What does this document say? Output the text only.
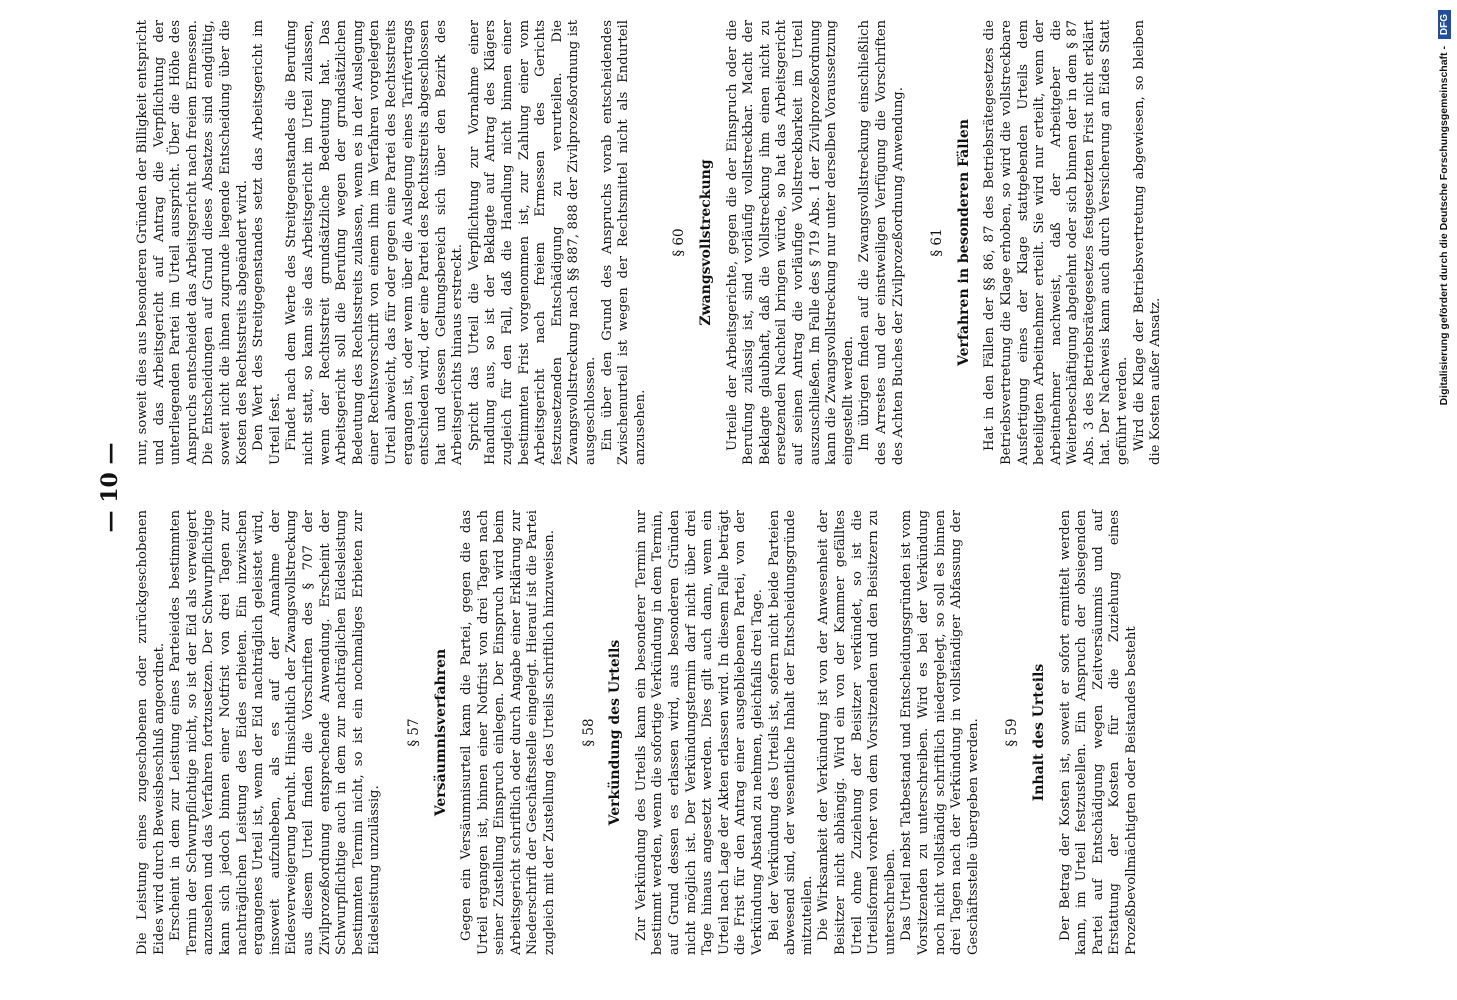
— 10 —

Die Leistung eines zugeschobenen oder zurückgeschobenen Eides wird durch Beweisbeschluß angeordnet. Erscheint in dem zur Leistung eines Parteieides bestimmten Termin der Schwurpflichtige nicht, so ist der Eid als verweigert anzusehen und das Verfahren fortzusetzen. Der Schwurpflichtige kann sich jedoch binnen einer Notfrist von drei Tagen zur nachträglichen Leistung des Eides erbieten. Ein inzwischen ergangenes Urteil ist, wenn der Eid nachträglich geleistet wird, insoweit aufzuheben, als es auf der Annahme der Eidesverweigerung beruht. Hinsichtlich der Zwangsvollstreckung aus diesem Urteil finden die Vorschriften des § 707 der Zivilprozeßordnung entsprechende Anwendung. Erscheint der Schwurpflichtige auch in dem zur nachträglichen Eidesleistung bestimmten Termin nicht, so ist ein nochmaliges Erbieten zur Eidesleistung unzulässig.

§ 57 Versäumnisverfahren Gegen ein Versäumnisurteil kann die Partei, gegen die das Urteil ergangen ist, binnen einer Notfrist von drei Tagen nach seiner Zustellung Einspruch einlegen. Der Einspruch wird beim Arbeitsgericht schriftlich oder durch Angabe einer Erklärung zur Niederschrift der Geschäftsstelle eingelegt. Hierauf ist die Partei zugleich mit der Zustellung des Urteils schriftlich hinzuweisen. § 58 Verkündung des Urteils Zur Verkündung des Urteils kann ein besonderer Termin nur bestimmt werden, wenn die sofortige Verkündung in dem Termin, auf Grund dessen es erlassen wird, aus besonderen Gründen nicht möglich ist. Der Verkündungstermin darf nicht über drei Tage hinaus angesetzt werden. Dies gilt auch dann, wenn ein Urteil nach Lage der Akten erlassen wird. In diesem Falle beträgt die Frist für den Antrag einer ausgebliebenen Partei, von der Verkündung Abstand zu nehmen, gleichfalls drei Tage. Bei der Verkündung des Urteils ist, sofern nicht beide Parteien abwesend sind, der wesentliche Inhalt der Entscheidungsgründe mitzuteilen. Die Wirksamkeit der Verkündung ist von der Anwesenheit der Beisitzer nicht abhängig. Wird ein von der Kammer gefälltes Urteil ohne Zuziehung der Beisitzer verkündet, so ist die Urteilsformel vorher von dem Vorsitzenden und den Beisitzern zu unterschreiben. Das Urteil nebst Tatbestand und Entscheidungsgründen ist vom Vorsitzenden zu unterschreiben. Wird es bei der Verkündung noch nicht vollständig schriftlich niedergelegt, so soll es binnen drei Tagen nach der Verkündung in vollständiger Abfassung der Geschäftsstelle übergeben werden. § 59 Inhalt des Urteils Der Betrag der Kosten ist, soweit er sofort ermittelt werden kann, im Urteil festzustellen. Ein Anspruch der obsiegenden Partei auf Entschädigung wegen Zeitversäumnis und auf Erstattung der Kosten für die Zuziehung eines Prozeßbevollmächtigten oder Beistandes besteht

nur, soweit dies aus besonderen Gründen der Billigkeit entspricht und das Arbeitsgericht auf Antrag die Verpflichtung der unterliegenden Partei im Urteil ausspricht. Über die Höhe des Anspruchs entscheidet das Arbeitsgericht nach freiem Ermessen. Die Entscheidungen auf Grund dieses Absatzes sind endgültig, soweit nicht die ihnen zugrunde liegende Entscheidung über die Kosten des Rechtsstreits abgeändert wird. Den Wert des Streitgegenstandes setzt das Arbeitsgericht im Urteil fest. Findet nach dem Werte des Streitgegenstandes die Berufung nicht statt, so kann sie das Arbeitsgericht im Urteil zulassen, wenn der Rechtsstreit grundsätzliche Bedeutung hat. Das Arbeitsgericht soll die Berufung wegen der grundsätzlichen Bedeutung des Rechtsstreits zulassen, wenn es in der Auslegung einer Rechtsvorschrift von einem ihm im Verfahren vorgelegten Urteil abweicht, das für oder gegen eine Partei des Rechtsstreits ergangen ist, oder wenn über die Auslegung eines Tarifvertrags entschieden wird, der eine Partei des Rechtsstreits abgeschlossen hat und dessen Geltungsbereich sich über den Bezirk des Arbeitsgerichts hinaus erstreckt. Spricht das Urteil die Verpflichtung zur Vornahme einer Handlung aus, so ist der Beklagte auf Antrag des Klägers zugleich für den Fall, daß die Handlung nicht binnen einer bestimmten Frist vorgenommen ist, zur Zahlung einer vom Arbeitsgericht nach freiem Ermessen des Gerichts festzusetzenden Entschädigung zu verurteilen. Die Zwangsvollstreckung nach §§ 887, 888 der Zivilprozeßordnung ist ausgeschlossen. Ein über den Grund des Anspruchs vorab entscheidendes Zwischenurteil ist wegen der Rechtsmittel nicht als Endurteil anzusehen.

§ 60 Zwangsvollstreckung Urteile der Arbeitsgerichte, gegen die der Einspruch oder die Berufung zulässig ist, sind vorläufig vollstreckbar. Macht der Beklagte glaubhaft, daß die Vollstreckung ihm einen nicht zu ersetzenden Nachteil bringen würde, so hat das Arbeitsgericht auf seinen Antrag die vorläufige Vollstreckbarkeit im Urteil auszuschließen. Im Falle des § 719 Abs. 1 der Zivilprozeßordnung kann die Zwangsvollstreckung nur unter derselben Voraussetzung eingestellt werden. Im übrigen finden auf die Zwangsvollstreckung einschließlich des Arrestes und der einstweiligen Verfügung die Vorschriften des Achten Buches der Zivilprozeßordnung Anwendung. § 61 Verfahren in besonderen Fällen Hat in den Fällen der §§ 86, 87 des Betriebsrätegesetzes die Betriebsvertretung die Klage erhoben, so wird die vollstreckbare Ausfertigung eines der Klage stattgebenden Urteils dem beteiligten Arbeitnehmer erteilt. Sie wird nur erteilt, wenn der Arbeitnehmer nachweist, daß der Arbeitgeber die Weiterbeschäftigung abgelehnt oder sich binnen der in dem § 87 Abs. 3 des Betriebsrätegesetzes festgesetzten Frist nicht erklärt hat. Der Nachweis kann auch durch Versicherung an Eides Statt geführt werden. Wird die Klage der Betriebsvertretung abgewiesen, so bleiben die Kosten außer Ansatz.	Digitalisierung gefördert durch die Deutsche Forschungsgemeinschaft - DFG
